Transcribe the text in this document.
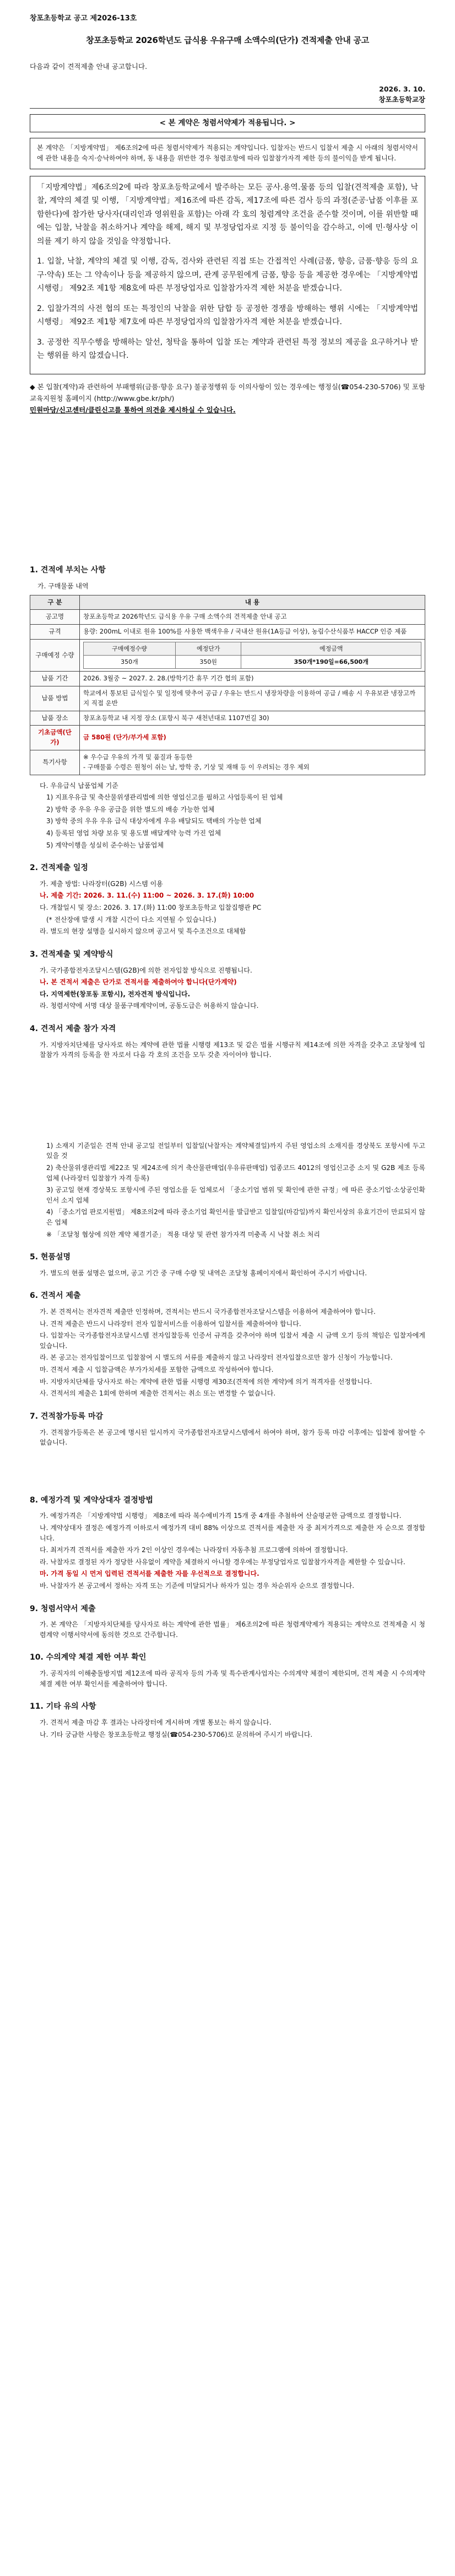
창포초등학교 공고 제2026-13호
창포초등학교 2026학년도 급식용 우유구매 소액수의(단가) 견적제출 안내 공고
다음과 같이 견적제출 안내 공고합니다.
2026. 3. 10.
창포초등학교장
< 본 계약은 청렴서약제가 적용됩니다. >

본 계약은 「지방계약법」 제6조의2에 따른 청렴서약제가 적용되는 계약입니다. 입찰자는 반드시 입찰서 제출 시 아래의 청렴서약서에 관한 내용을 숙지·승낙하여야 하며, 동 내용을 위반한 경우 청렴조항에 따라 입찰참가자격 제한 등의 불이익을 받게 됩니다.

「지방계약법」제6조의2에 따라 창포초등학교에서 발주하는 모든 공사․용역․물품 등의 입찰(견적제출 포함), 낙찰, 계약의 체결 및 이행, 「지방계약법」제16조에 따른 감독, 제17조에 따른 검사 등의 과정(준공·납품 이후를 포함한다)에 참가한 당사자(대리인과 영위원을 포함)는 아래 각 호의 청렴계약 조건을 준수할 것이며, 이를 위반할 때에는 입찰, 낙찰을 취소하거나 계약을 해제, 해지 및 부정당업자로 지정 등 불이익을 감수하고, 이에 민·형사상 이의를 제기 하지 않을 것임을 약정합니다.

1. 입찰, 낙찰, 계약의 체결 및 이행, 감독, 검사와 관련된 직접 또는 간접적인 사례(금품, 향응, 금품·향응 등의 요구·약속) 또는 그 약속이나 등을 제공하지 않으며, 관계 공무원에게 금품, 향응 등을 제공한 경우에는 「지방계약법 시행령」 제92조 제1항 제8호에 따른 부정당업자로 입찰참가자격 제한 처분을 받겠습니다.

2. 입찰가격의 사전 협의 또는 특정인의 낙찰을 위한 담합 등 공정한 경쟁을 방해하는 행위 시에는 「지방계약법 시행령」 제92조 제1항 제7호에 따른 부정당업자의 입찰참가자격 제한 처분을 받겠습니다.

3. 공정한 직무수행을 방해하는 알선, 청탁을 통하여 입찰 또는 계약과 관련된 특정 정보의 제공을 요구하거나 받는 행위를 하지 않겠습니다.

◆ 본 입찰(계약)과 관련하여 부패행위(금품·향응 요구) 불공정행위 등 이의사항이 있는 경우에는 행정실(☎054-230-5706) 및 포항교육지원청 홈페이지 (http://www.gbe.kr/ph/)
민원마당/신고센터/클린신고를 통하여 의견을 제시하실 수 있습니다.
1. 견적에 부치는 사항
가. 구매물품 내역
구 분	내 용
공고명	창포초등학교 2026학년도 급식용 우유 구매 소액수의 견적제출 안내 공고
규격	용량: 200mL 이내로 원유 100%를 사용한 백색우유 / 국내산 원유(1A등급 이상), 농림수산식품부 HACCP 인증 제품
구매예정 수량	
구매예정수량	예정단가	예정금액
350개	350원	350개*190일=66,500개

납품 기간	2026. 3월중 ~ 2027. 2. 28.(방학기간 휴무 기간 협의 포함)
납품 방법	학교에서 통보된 급식일수 및 일정에 맞추어 공급 / 우유는 반드시 냉장차량을 이용하여 공급 / 배송 시 우유보관 냉장고까지 직접 운반
납품 장소	창포초등학교 내 지정 장소 (포항시 북구 새천년대로 1107번길 30)
기초금액(단가)	금 580원 (단가/부가세 포함)
특기사항	
※ 우수급 우유의 가격 및 품질과 동등한
- 구매물품 수령은 원청이 쉬는 날, 방학 중, 기상 및 재해 등 이 우려되는 경우 제외
다. 우유급식 납품업체 기준
1) 지표우유급 및 축산물위생관리법에 의한 영업신고를 필하고 사업등록이 된 업체
2) 방학 중 우유 우유 공급을 위한 별도의 배송 가능한 업체
3) 방학 중의 우유 우유 급식 대상자에게 우유 배달되도 택배의 가능한 업체
4) 등록된 영업 차량 보유 및 용도별 배달계약 능력 가진 업체
5) 계약이행을 성실히 준수하는 납품업체
2. 견적제출 일정
가. 제출 방법: 나라장터(G2B) 시스템 이용
나. 제출 기간: 2026. 3. 11.(수) 11:00 ~ 2026. 3. 17.(화) 10:00
다. 개찰일시 및 장소: 2026. 3. 17.(화) 11:00 창포초등학교 입찰집행관 PC
(* 전산장애 발생 시 개찰 시간이 다소 지연될 수 있습니다.)
라. 별도의 현장 설명을 실시하지 않으며 공고서 및 특수조건으로 대체함
3. 견적제출 및 계약방식
가. 국가종합전자조달시스템(G2B)에 의한 전자입찰 방식으로 진행됩니다.
나. 본 견적서 제출은 단가로 견적서를 제출하여야 합니다(단가계약)
다. 지역제한(창포동 포함시), 전자견적 방식입니다.
라. 청렴서약에 서명 대상 물품구매계약이며, 공동도급은 허용하지 않습니다.
4. 견적서 제출 참가 자격
가. 지방자치단체를 당사자로 하는 계약에 관한 법률 시행령 제13조 및 같은 법률 시행규칙 제14조에 의한 자격을 갖추고 조달청에 입찰참가 자격의 등록을 한 자로서 다음 각 호의 조건을 모두 갖춘 자이어야 합니다.
1) 소재지 기준일은 견적 안내 공고일 전일부터 입찰일(낙찰자는 계약체결일)까지 주된 영업소의 소재지를 경상북도 포항시에 두고 있을 것
2) 축산물위생관리법 제22조 및 제24조에 의거 축산물판매업(우유류판매업) 업종코드 4012의 영업신고증 소지 및 G2B 제조 등록 업체 (나라장터 입찰참가 자격 등록)
3) 공고일 현재 경상북도 포항시에 주된 영업소를 둔 업체로서 「중소기업 범위 및 확인에 관한 규정」에 따른 중소기업·소상공인확인서 소지 업체
4) 「중소기업 판로지원법」 제8조의2에 따라 중소기업 확인서를 발급받고 입찰일(마감일)까지 확인서상의 유효기간이 만료되지 않은 업체
※ 「조달청 협상에 의한 계약 체결기준」 적용 대상 및 관련 참가자격 미충족 시 낙찰 취소 처리
5. 현품설명
가. 별도의 현품 설명은 없으며, 공고 기간 중 구매 수량 및 내역은 조달청 홈페이지에서 확인하여 주시기 바랍니다.
6. 견적서 제출
가. 본 견적서는 전자견적 제출만 인정하며, 견적서는 반드시 국가종합전자조달시스템을 이용하여 제출하여야 합니다.
나. 견적 제출은 반드시 나라장터 전자 입찰서비스를 이용하여 입찰서를 제출하여야 합니다.
다. 입찰자는 국가종합전자조달시스템 전자입찰등록 인증서 규격을 갖추어야 하며 입찰서 제출 시 금액 오기 등의 책임은 입찰자에게 있습니다.
라. 본 공고는 전자입찰이므로 입찰참여 시 별도의 서류를 제출하지 않고 나라장터 전자입찰으로만 참가 신청이 가능합니다.
마. 견적서 제출 시 입찰금액은 부가가치세를 포함한 금액으로 작성하여야 합니다.
바. 지방자치단체를 당사자로 하는 계약에 관한 법률 시행령 제30조(견적에 의한 계약)에 의거 적격자를 선정합니다.
사. 견적서의 제출은 1회에 한하며 제출한 견적서는 취소 또는 변경할 수 없습니다.
7. 견적참가등록 마감
가. 견적참가등록은 본 공고에 명시된 일시까지 국가종합전자조달시스템에서 하여야 하며, 참가 등록 마감 이후에는 입찰에 참여할 수 없습니다.
8. 예정가격 및 계약상대자 결정방법
가. 예정가격은 「지방계약법 시행령」 제8조에 따라 복수예비가격 15개 중 4개를 추첨하여 산술평균한 금액으로 결정합니다.
나. 계약상대자 결정은 예정가격 이하로서 예정가격 대비 88% 이상으로 견적서를 제출한 자 중 최저가격으로 제출한 자 순으로 결정합니다.
다. 최저가격 견적서를 제출한 자가 2인 이상인 경우에는 나라장터 자동추첨 프로그램에 의하여 결정합니다.
라. 낙찰자로 결정된 자가 정당한 사유없이 계약을 체결하지 아니할 경우에는 부정당업자로 입찰참가자격을 제한할 수 있습니다.
마. 가격 동일 시 먼저 입력된 견적서를 제출한 자를 우선적으로 결정합니다.
바. 낙찰자가 본 공고에서 정하는 자격 또는 기준에 미달되거나 하자가 있는 경우 차순위자 순으로 결정합니다.
9. 청렴서약서 제출
가. 본 계약은 「지방자치단체를 당사자로 하는 계약에 관한 법률」 제6조의2에 따른 청렴계약제가 적용되는 계약으로 견적제출 시 청렴계약 이행서약서에 동의한 것으로 간주합니다.
10. 수의계약 체결 제한 여부 확인
가. 공직자의 이해충돌방지법 제12조에 따라 공직자 등의 가족 및 특수관계사업자는 수의계약 체결이 제한되며, 견적 제출 시 수의계약 체결 제한 여부 확인서를 제출하여야 합니다.
11. 기타 유의 사항
가. 견적서 제출 마감 후 결과는 나라장터에 게시하며 개별 통보는 하지 않습니다.
나. 기타 궁금한 사항은 창포초등학교 행정실(☎054-230-5706)로 문의하여 주시기 바랍니다.
